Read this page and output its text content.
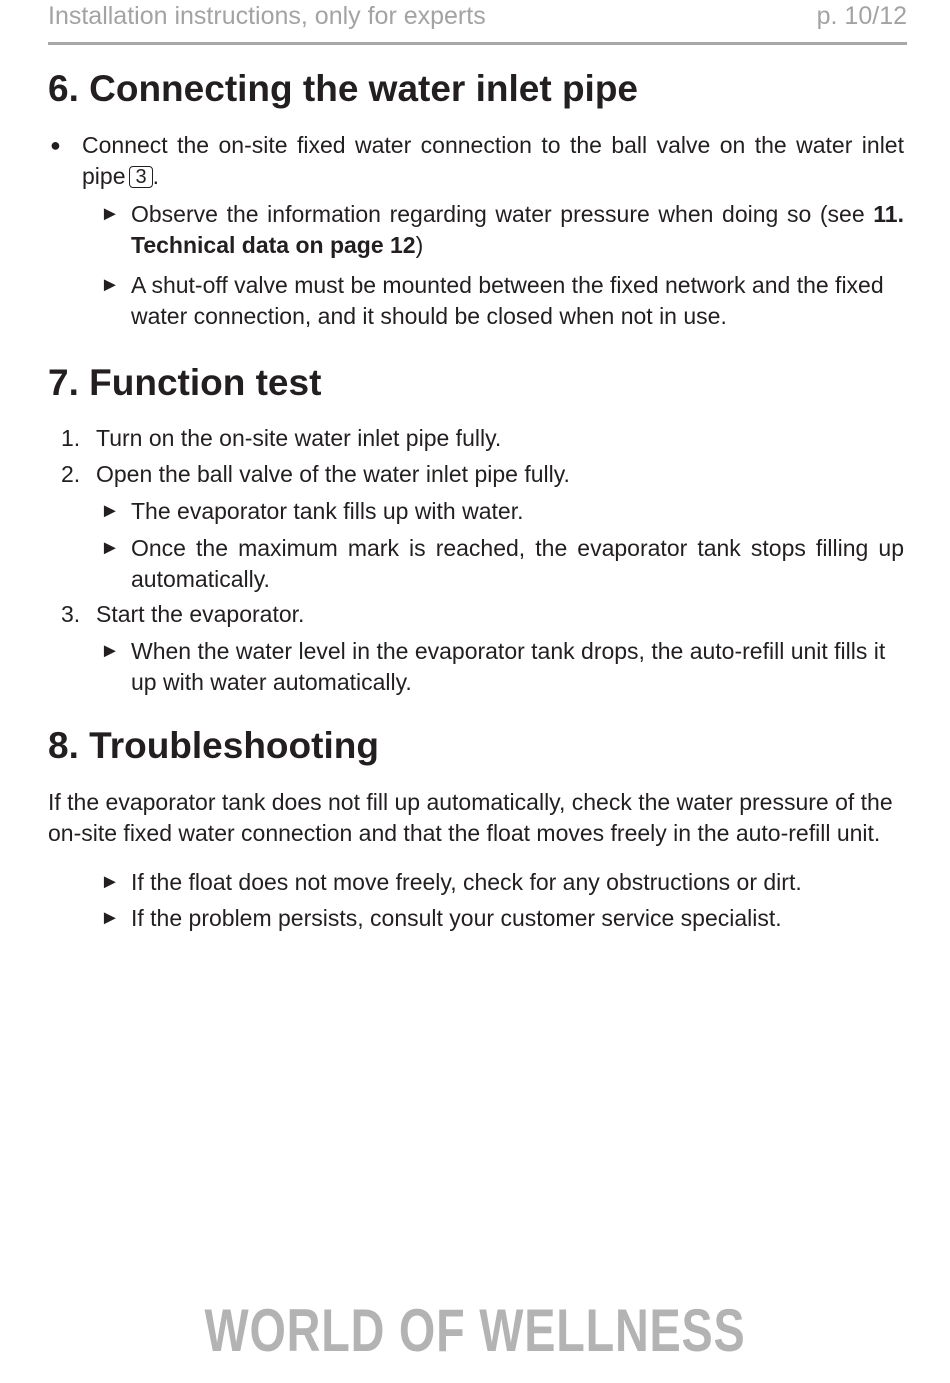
Installation instructions, only for experts	p. 10/12
6. Connecting the water inlet pipe
● Connect the on-site fixed water connection to the ball valve on the water inlet pipe 3 .
► Observe the information regarding water pressure when doing so (see 11. Technical data on page 12)
► A shut-off valve must be mounted between the fixed network and the fixed water connection, and it should be closed when not in use.
7. Function test
1. Turn on the on-site water inlet pipe fully.
2. Open the ball valve of the water inlet pipe fully.
► The evaporator tank fills up with water.
► Once the maximum mark is reached, the evaporator tank stops filling up automatically.
3. Start the evaporator.
► When the water level in the evaporator tank drops, the auto-refill unit fills it up with water automatically.
8. Troubleshooting
If the evaporator tank does not fill up automatically, check the water pressure of the on-site fixed water connection and that the float moves freely in the auto-refill unit.
► If the float does not move freely, check for any obstructions or dirt.
► If the problem persists, consult your customer service specialist.
WORLD OF WELLNESS
